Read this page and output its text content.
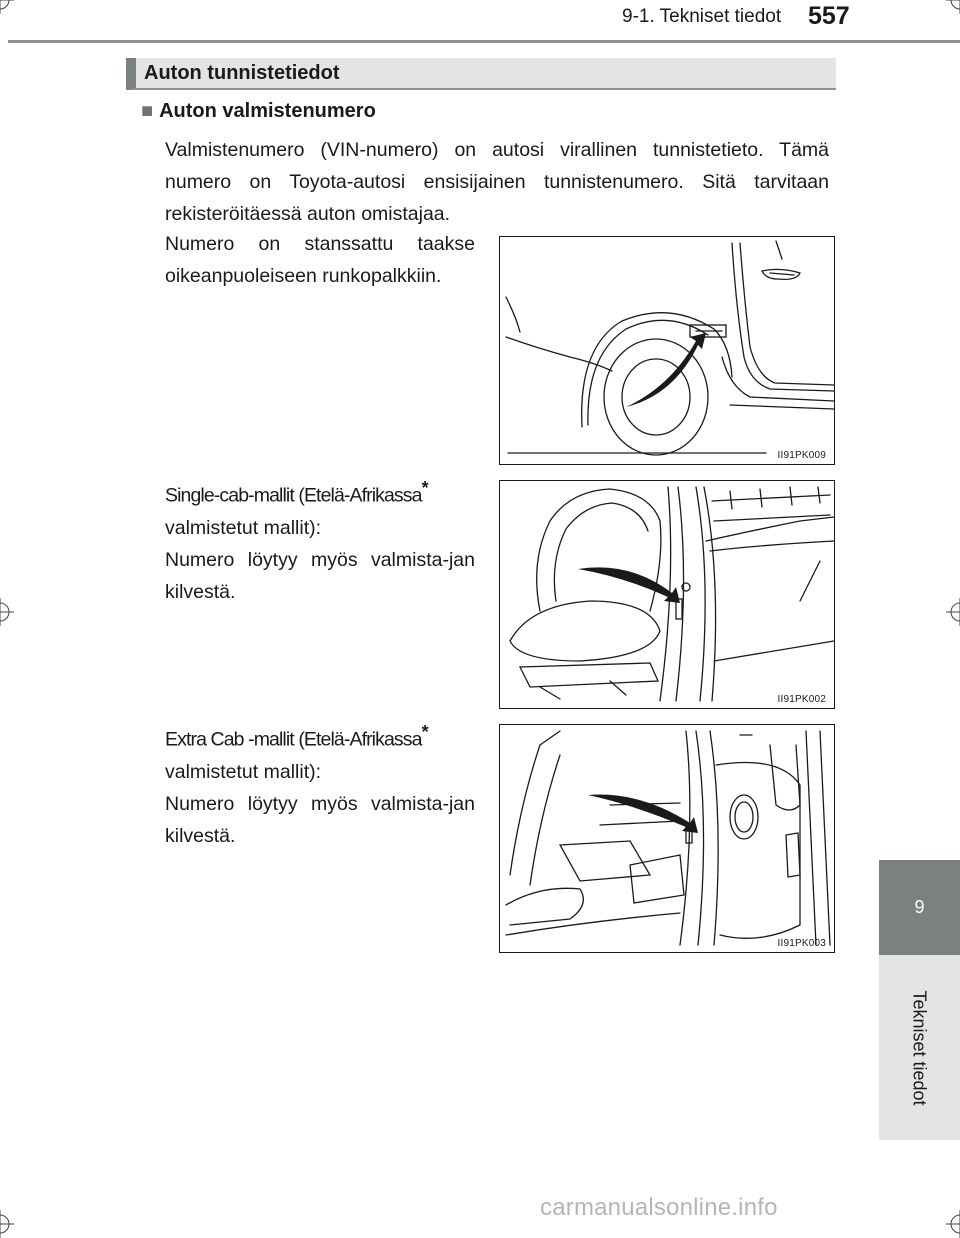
9-1. Tekniset tiedot 557
Auton tunnistetiedot
■ Auton valmistenumero
Valmistenumero (VIN-numero) on autosi virallinen tunnistetieto. Tämä numero on Toyota-autosi ensisijainen tunnistenumero. Sitä tarvitaan rekisteröitäessä auton omistajaa.
Numero on stanssattu taakse oikeanpuoleiseen runkopalkkiin.
II91PK009
Single-cab-mallit (Etelä-Afrikassa*
valmistetut mallit):
Numero löytyy myös valmista-jan kilvestä.
II91PK002
Extra Cab -mallit (Etelä-Afrikassa*
valmistetut mallit):
Numero löytyy myös valmista-jan kilvestä.
II91PK003
9
Tekniset tiedot
carmanualsonline.info
